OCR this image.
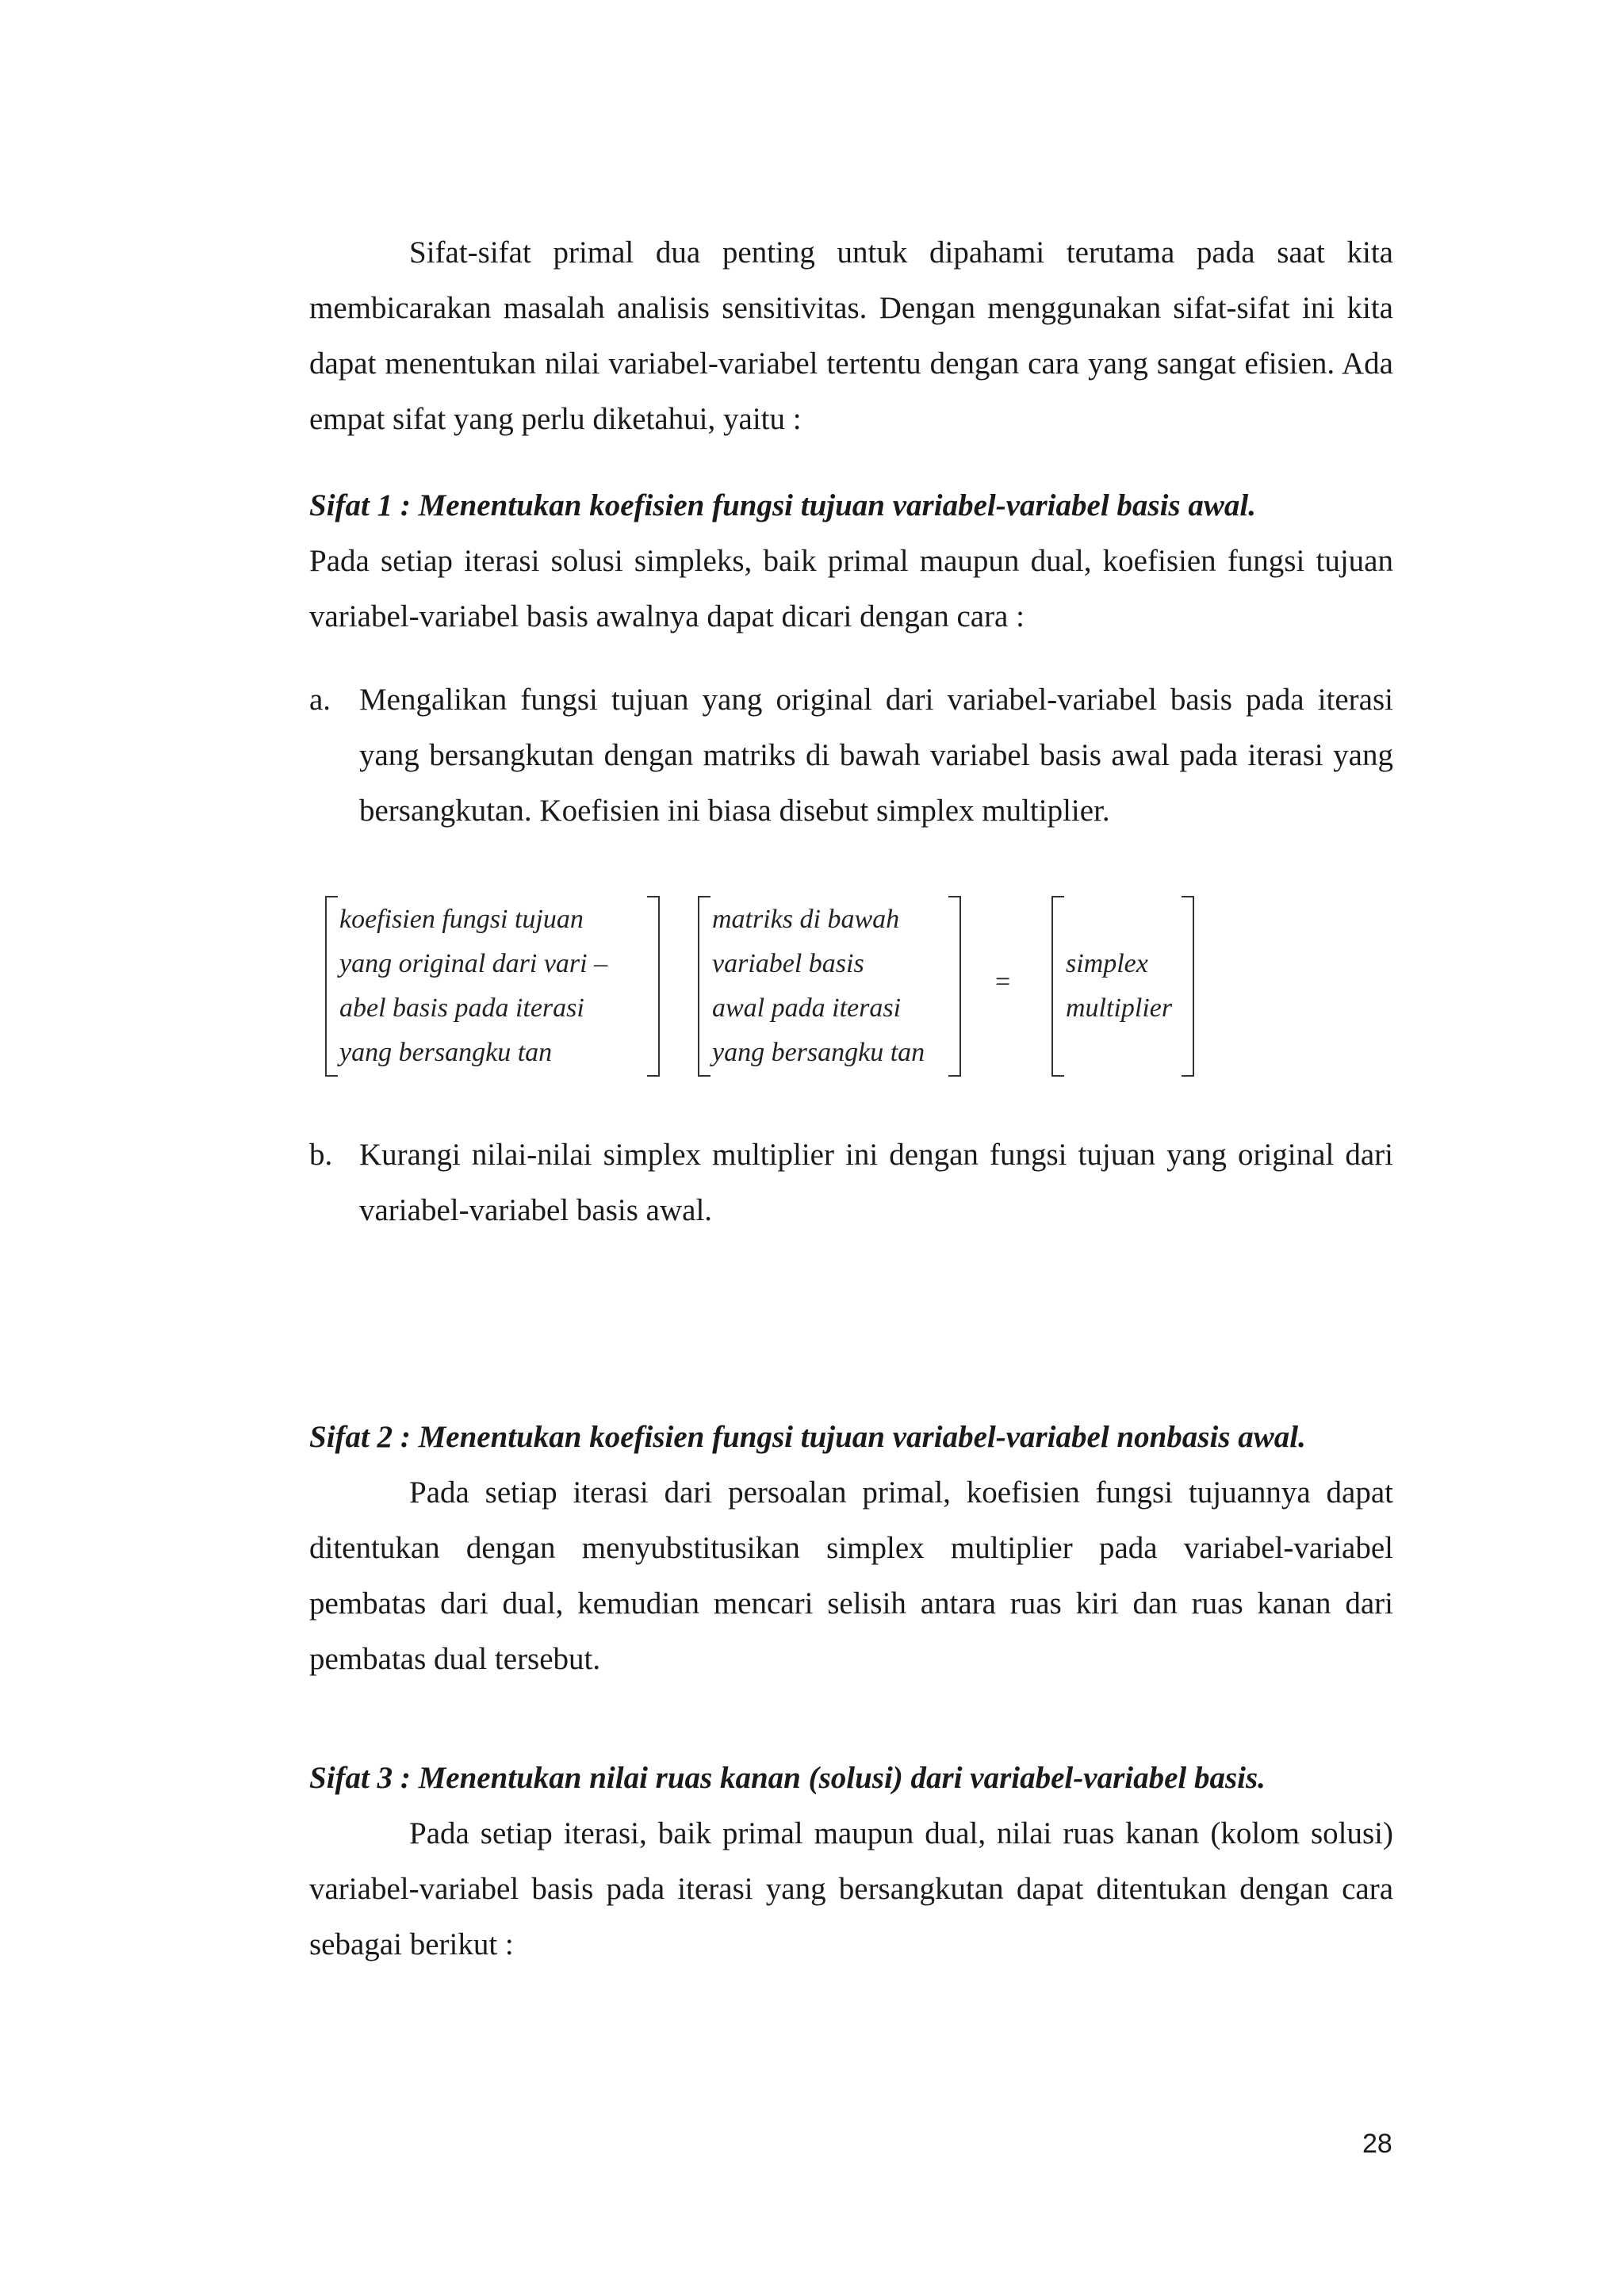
Sifat-sifat primal dua penting untuk dipahami terutama pada saat kita membicarakan masalah analisis sensitivitas. Dengan menggunakan sifat-sifat ini kita dapat menentukan nilai variabel-variabel tertentu dengan cara yang sangat efisien. Ada empat sifat yang perlu diketahui, yaitu :

Sifat 1 : Menentukan koefisien fungsi tujuan variabel-variabel basis awal.

Pada setiap iterasi solusi simpleks, baik primal maupun dual, koefisien fungsi tujuan variabel-variabel basis awalnya dapat dicari dengan cara :

a. Mengalikan fungsi tujuan yang original dari variabel-variabel basis pada iterasi yang bersangkutan dengan matriks di bawah variabel basis awal pada iterasi yang bersangkutan. Koefisien ini biasa disebut simplex multiplier.

koefisien fungsi tujuan
yang original dari vari –
abel basis pada iterasi
yang bersangku tan
matriks di bawah
variabel basis
awal pada iterasi
yang bersangku tan
=
simplex
multiplier
b. Kurangi nilai-nilai simplex multiplier ini dengan fungsi tujuan yang original dari variabel-variabel basis awal.

Sifat 2 : Menentukan koefisien fungsi tujuan variabel-variabel nonbasis awal.

Pada setiap iterasi dari persoalan primal, koefisien fungsi tujuannya dapat ditentukan dengan menyubstitusikan simplex multiplier pada variabel-variabel pembatas dari dual, kemudian mencari selisih antara ruas kiri dan ruas kanan dari pembatas dual tersebut.

Sifat 3 : Menentukan nilai ruas kanan (solusi) dari variabel-variabel basis.

Pada setiap iterasi, baik primal maupun dual, nilai ruas kanan (kolom solusi) variabel-variabel basis pada iterasi yang bersangkutan dapat ditentukan dengan cara sebagai berikut :

28
